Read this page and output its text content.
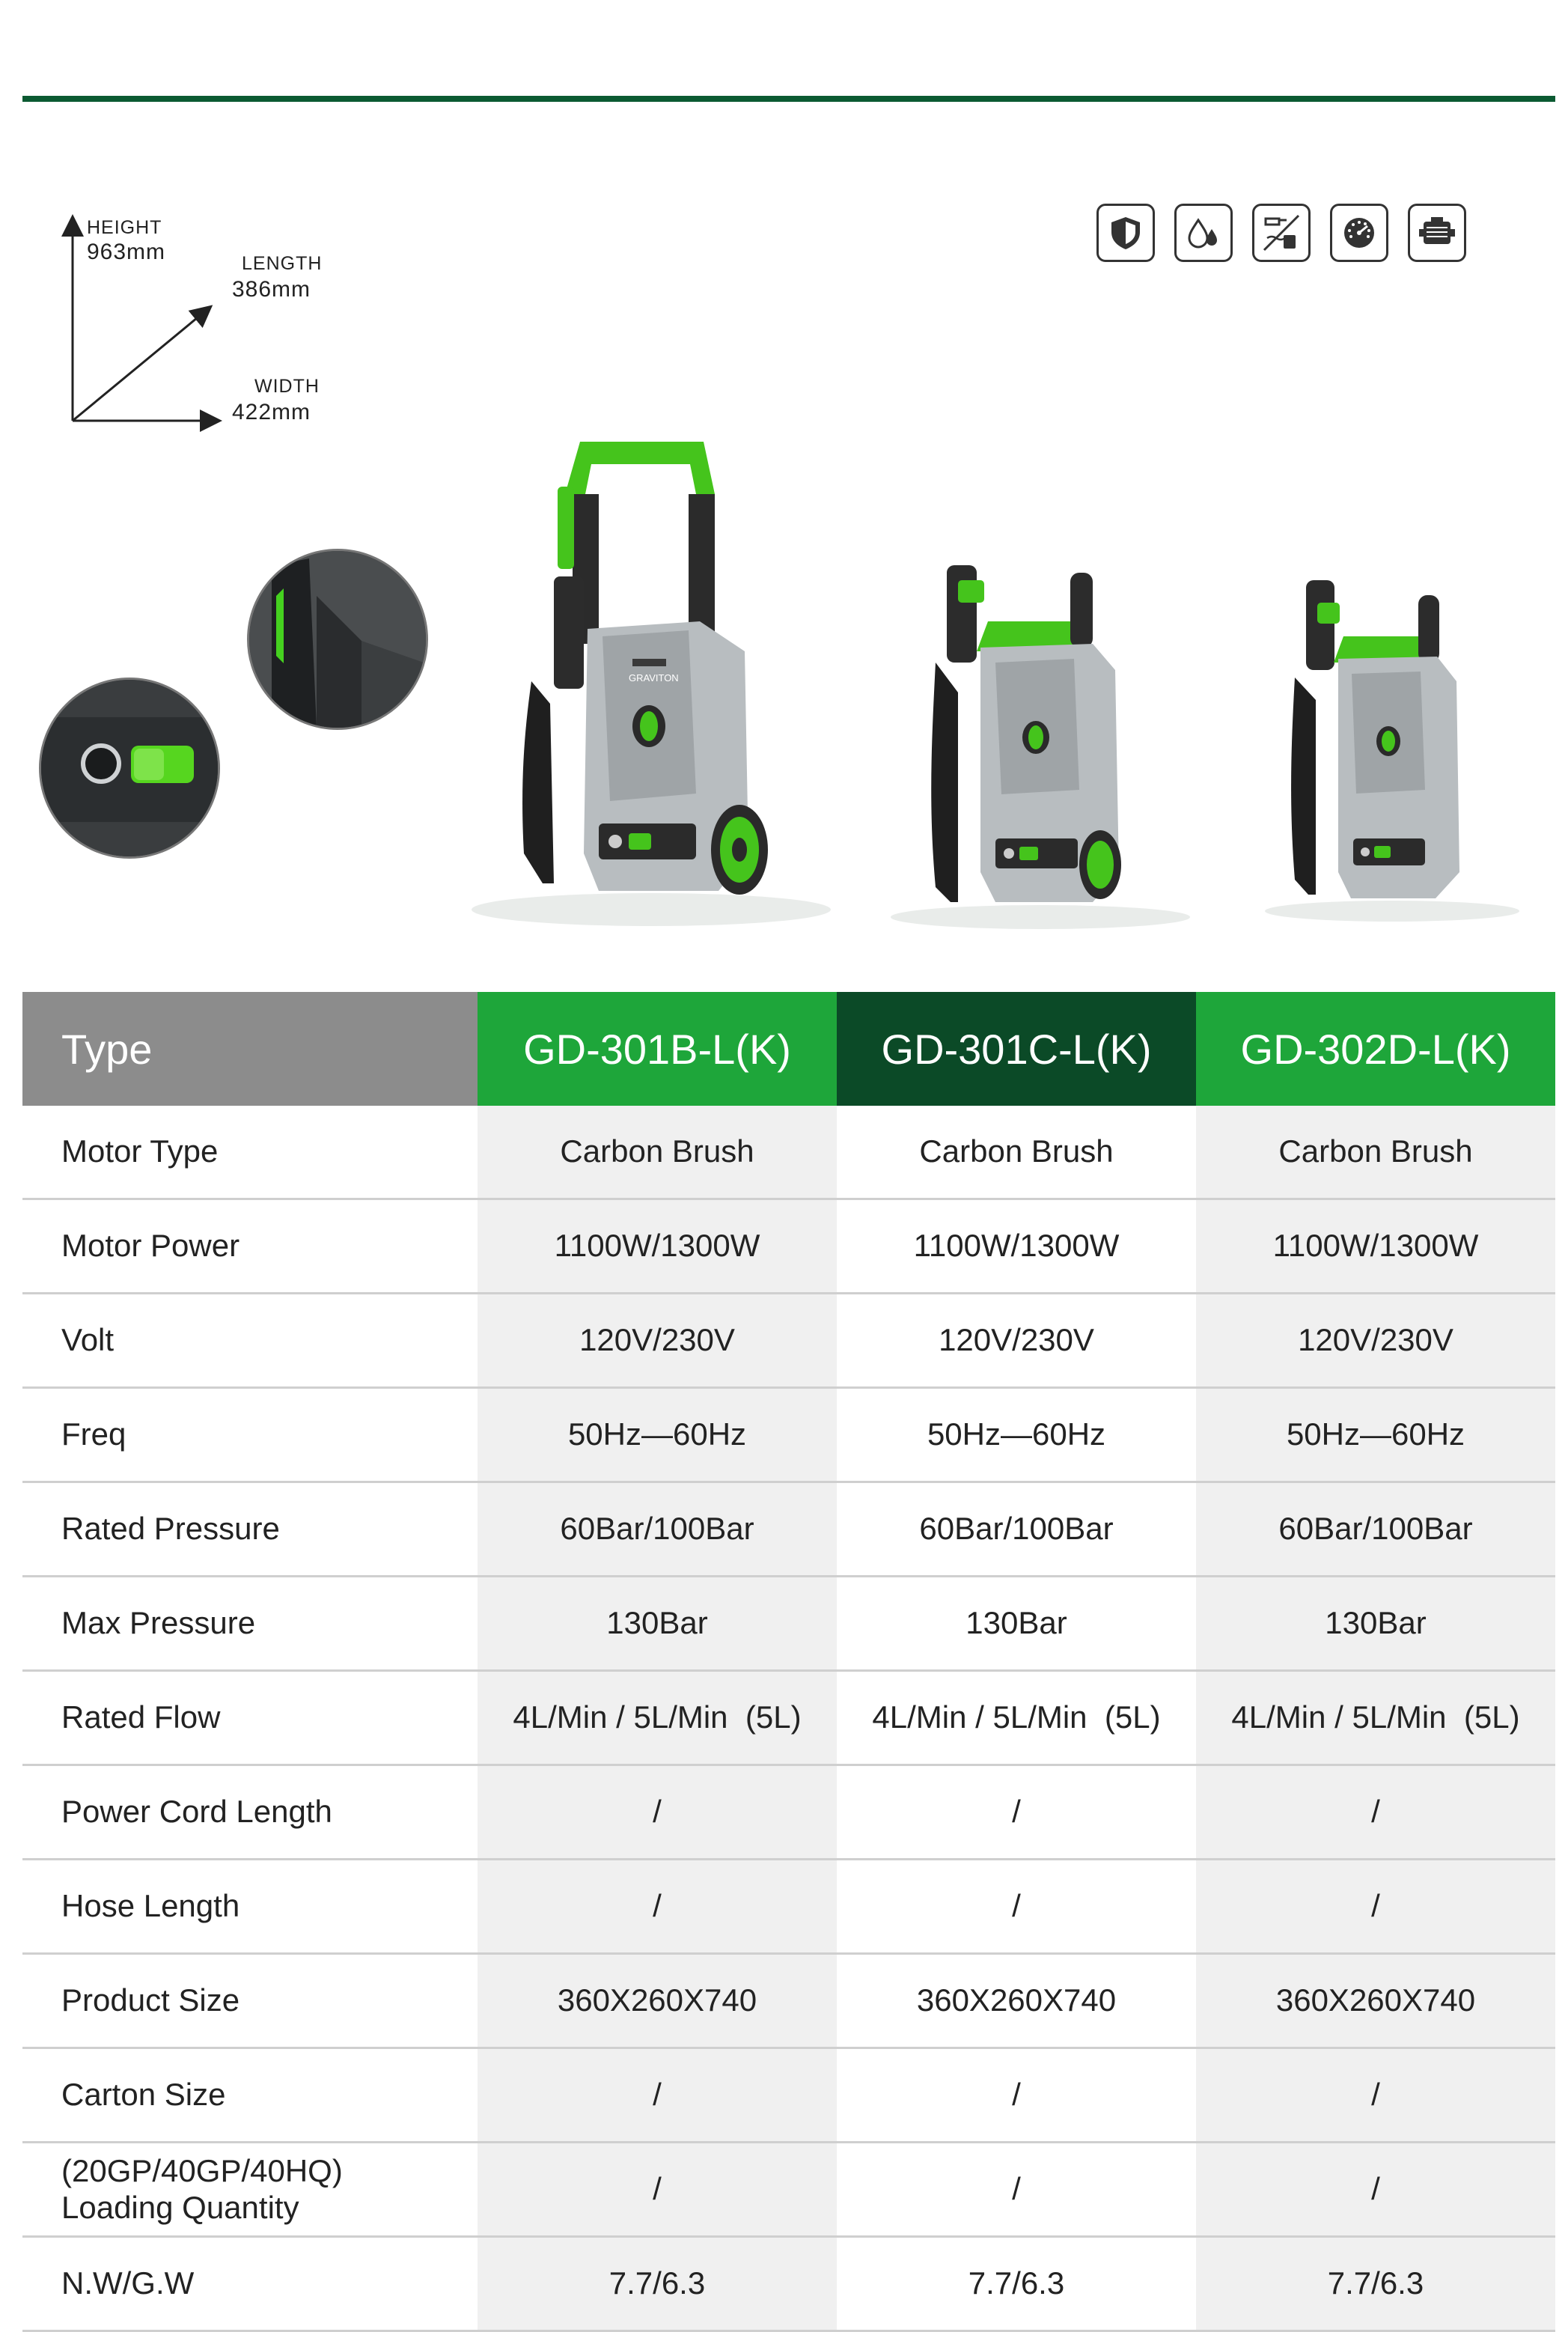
HEIGHT
963mm	LENGTH
386mm
WIDTH
422mm
GRAVITON
Type	GD-301B-L(K)	GD-301C-L(K)	GD-302D-L(K)
Motor Type	Carbon Brush	Carbon Brush	Carbon Brush
Motor Power	1100W/1300W	1100W/1300W	1100W/1300W
Volt	120V/230V	120V/230V	120V/230V
Freq	50Hz—60Hz	50Hz—60Hz	50Hz—60Hz
Rated Pressure	60Bar/100Bar	60Bar/100Bar	60Bar/100Bar
Max Pressure	130Bar	130Bar	130Bar
Rated Flow	4L/Min / 5L/Min  (5L)	4L/Min / 5L/Min  (5L)	4L/Min / 5L/Min  (5L)
Power Cord Length	/	/	/
Hose Length	/	/	/
Product Size	360X260X740	360X260X740	360X260X740
Carton Size	/	/	/

(20GP/40GP/40HQ)
Loading Quantity	/	/	/
N.W/G.W	7.7/6.3	7.7/6.3	7.7/6.3
